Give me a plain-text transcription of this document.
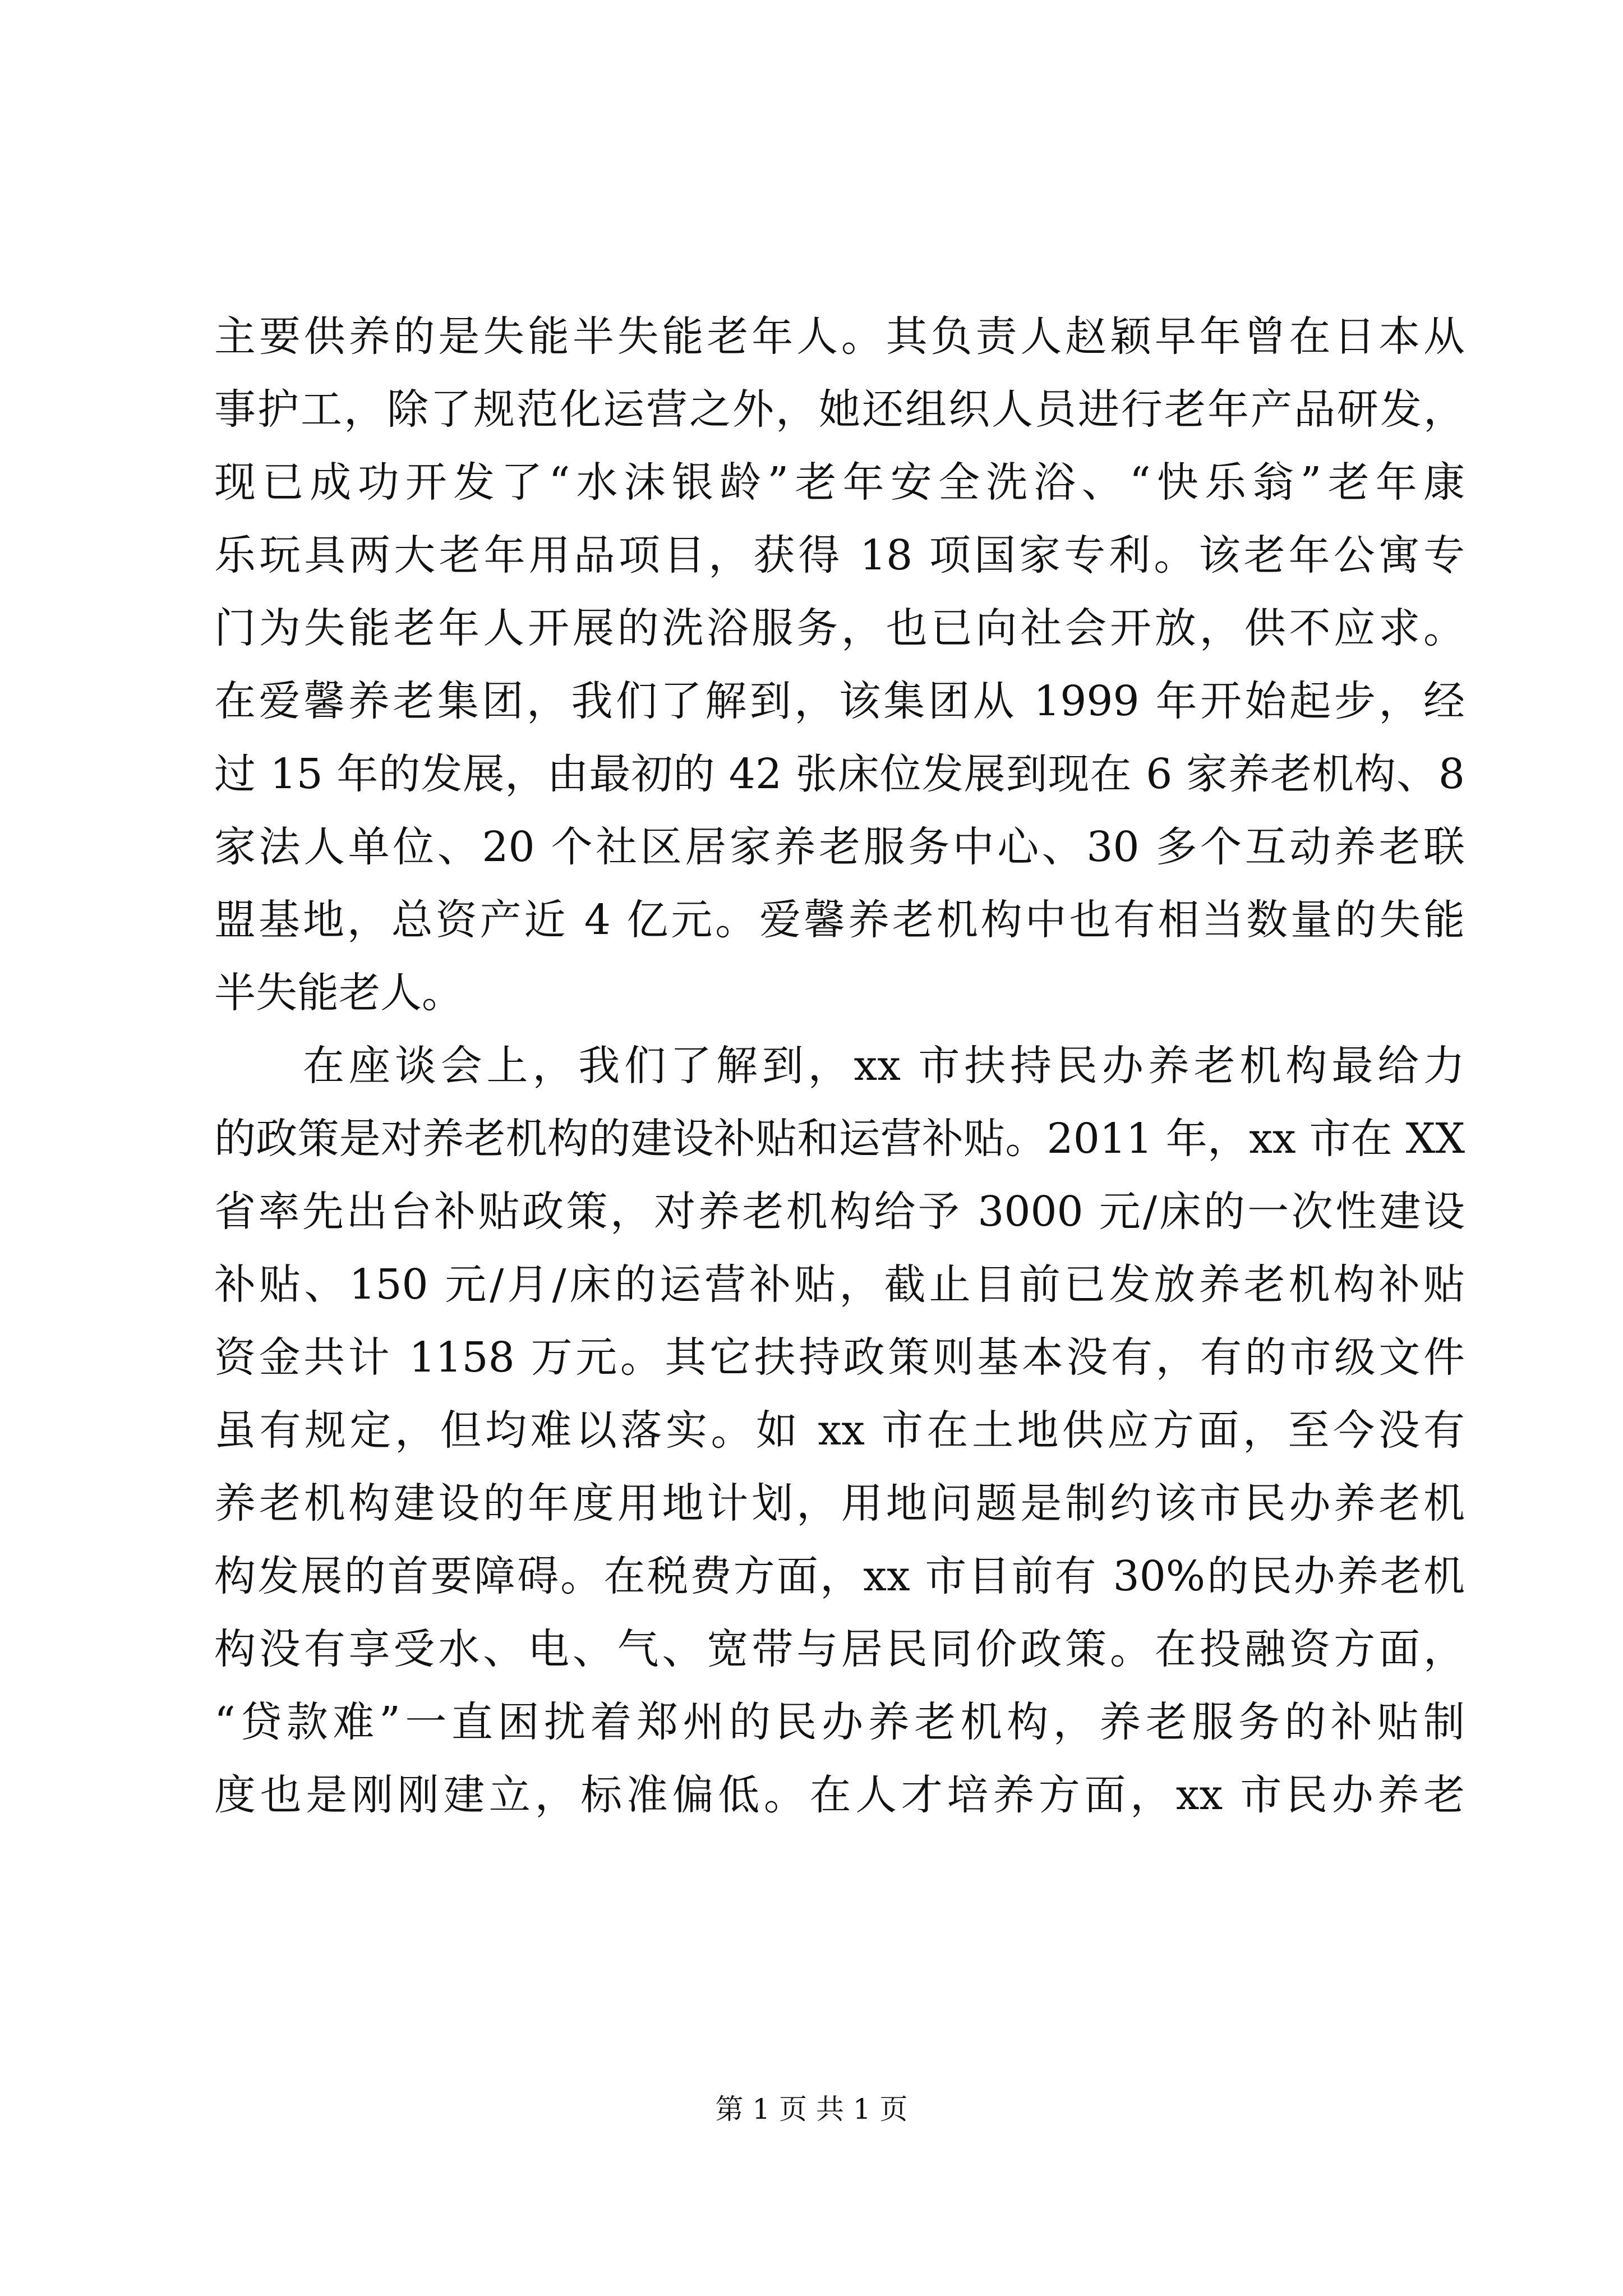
主要供养的是失能半失能老年人。其负责人赵颖早年曾在日本从
事护工，除了规范化运营之外，她还组织人员进行老年产品研发，
现已成功开发了“水沫银龄”老年安全洗浴、“快乐翁”老年康
乐玩具两大老年用品项目，获得 18 项国家专利。该老年公寓专
门为失能老年人开展的洗浴服务，也已向社会开放，供不应求。
在爱馨养老集团，我们了解到，该集团从 1999 年开始起步，经
过 15 年的发展，由最初的 42 张床位发展到现在 6 家养老机构、8
家法人单位、20 个社区居家养老服务中心、30 多个互动养老联
盟基地，总资产近 4 亿元。爱馨养老机构中也有相当数量的失能
半失能老人。
在座谈会上，我们了解到，xx 市扶持民办养老机构最给力
的政策是对养老机构的建设补贴和运营补贴。2011 年，xx 市在 XX
省率先出台补贴政策，对养老机构给予 3000 元/床的一次性建设
补贴、150 元/月/床的运营补贴，截止目前已发放养老机构补贴
资金共计 1158 万元。其它扶持政策则基本没有，有的市级文件
虽有规定，但均难以落实。如 xx 市在土地供应方面，至今没有
养老机构建设的年度用地计划，用地问题是制约该市民办养老机
构发展的首要障碍。在税费方面，xx 市目前有 30%的民办养老机
构没有享受水、电、气、宽带与居民同价政策。在投融资方面，
“贷款难”一直困扰着郑州的民办养老机构，养老服务的补贴制
度也是刚刚建立，标准偏低。在人才培养方面，xx 市民办养老
第 1 页 共 1 页
